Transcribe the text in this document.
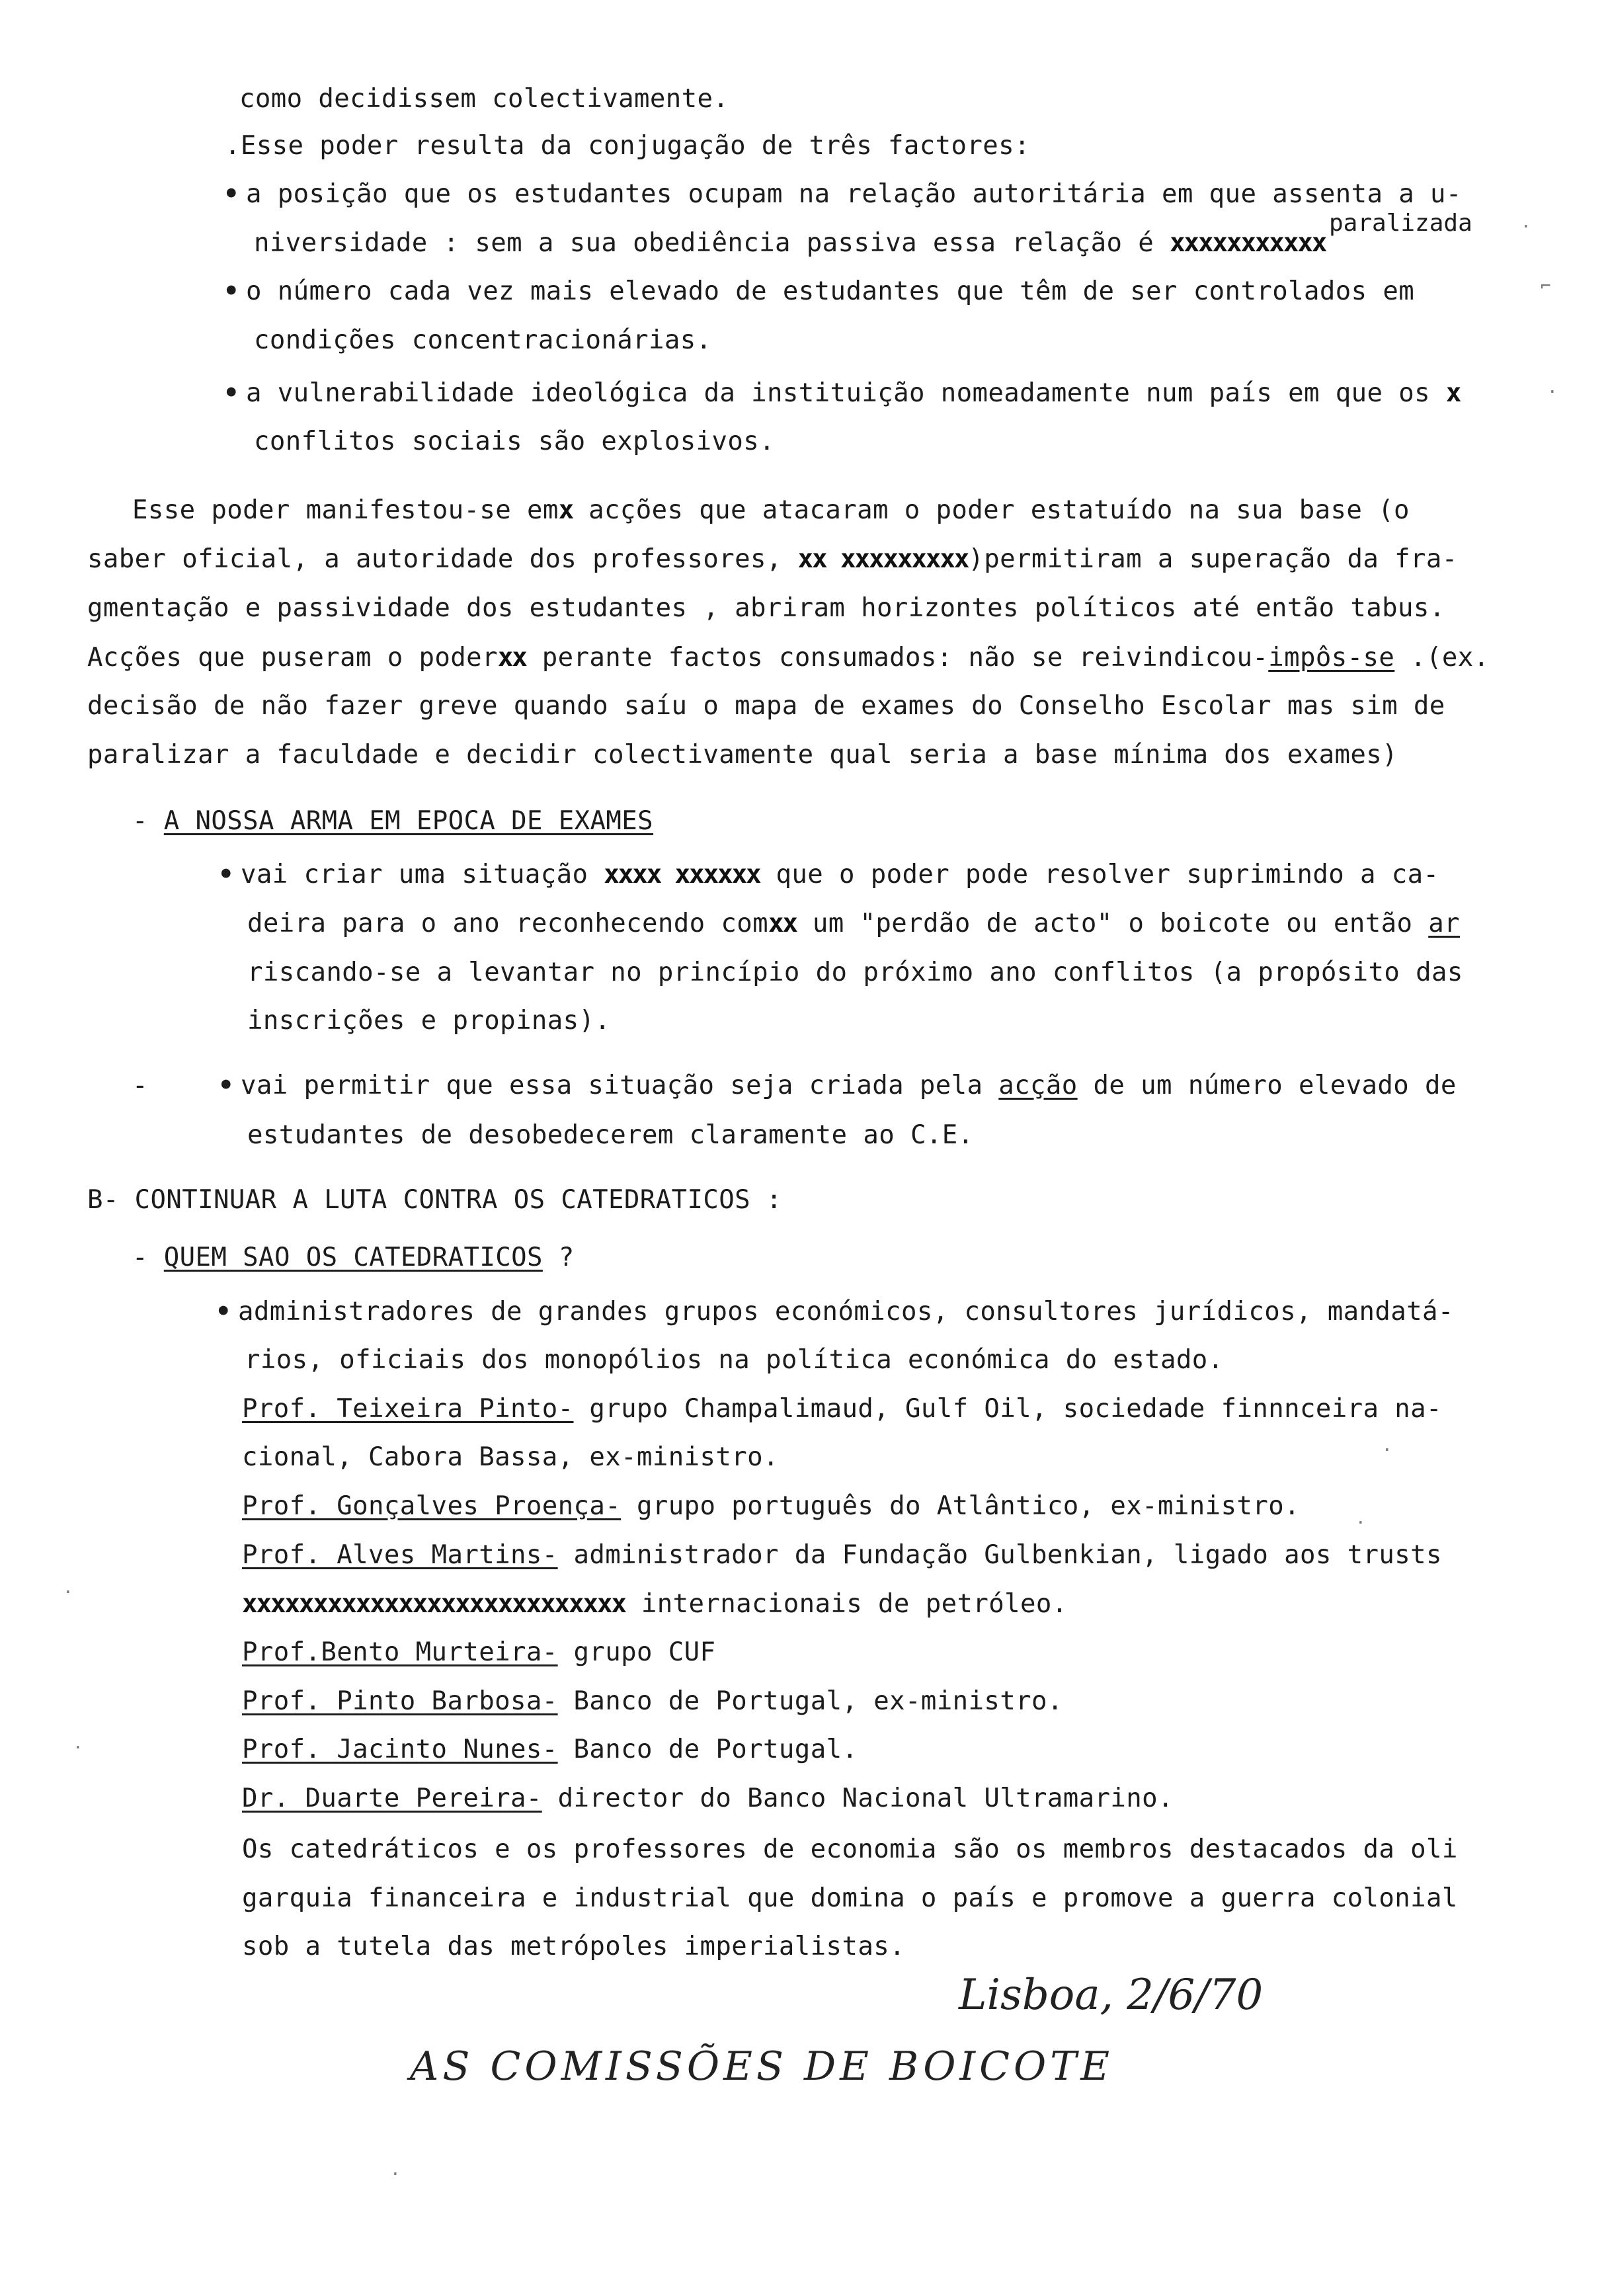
como decidissem colectivamente.
.Esse poder resulta da conjugação de três factores:
• a posição que os estudantes ocupam na relação autoritária em que assenta a u-
paralizada
niversidade : sem a sua obediência passiva essa relação é xxxxxxxxxxx
• o número cada vez mais elevado de estudantes que têm de ser controlados em
condições concentracionárias.
• a vulnerabilidade ideológica da instituição nomeadamente num país em que os x
conflitos sociais são explosivos.
Esse poder manifestou-se emx acções que atacaram o poder estatuído na sua base (o
saber oficial, a autoridade dos professores, xx xxxxxxxxx)permitiram a superação da fra-
gmentação e passividade dos estudantes , abriram horizontes políticos até então tabus.
Acções que puseram o poderxx perante factos consumados: não se reivindicou-impôs-se .(ex.
decisão de não fazer greve quando saíu o mapa de exames do Conselho Escolar mas sim de
paralizar a faculdade e decidir colectivamente qual seria a base mínima dos exames)
- A NOSSA ARMA EM EPOCA DE EXAMES
• vai criar uma situação xxxx xxxxxx que o poder pode resolver suprimindo a ca-
deira para o ano reconhecendo comxx um "perdão de acto" o boicote ou então ar
riscando-se a levantar no princípio do próximo ano conflitos (a propósito das
inscrições e propinas).
-	• vai permitir que essa situação seja criada pela acção de um número elevado de
estudantes de desobedecerem claramente ao C.E.
B- CONTINUAR A LUTA CONTRA OS CATEDRATICOS :
- QUEM SAO OS CATEDRATICOS ?
• administradores de grandes grupos económicos, consultores jurídicos, mandatá-
rios, oficiais dos monopólios na política económica do estado.
Prof. Teixeira Pinto- grupo Champalimaud, Gulf Oil, sociedade finnnceira na-
cional, Cabora Bassa, ex-ministro.
Prof. Gonçalves Proença- grupo português do Atlântico, ex-ministro.
Prof. Alves Martins- administrador da Fundação Gulbenkian, ligado aos trusts
xxxxxxxxxxxxxxxxxxxxxxxxxxx internacionais de petróleo.
Prof.Bento Murteira- grupo CUF
Prof. Pinto Barbosa- Banco de Portugal, ex-ministro.
Prof. Jacinto Nunes- Banco de Portugal.
Dr. Duarte Pereira- director do Banco Nacional Ultramarino.
Os catedráticos e os professores de economia são os membros destacados da oli
garquia financeira e industrial que domina o país e promove a guerra colonial
sob a tutela das metrópoles imperialistas.
Lisboa, 2/6/70
AS COMISSÕES DE BOICOTE
·
⌐
·
·
·
·
·
·
